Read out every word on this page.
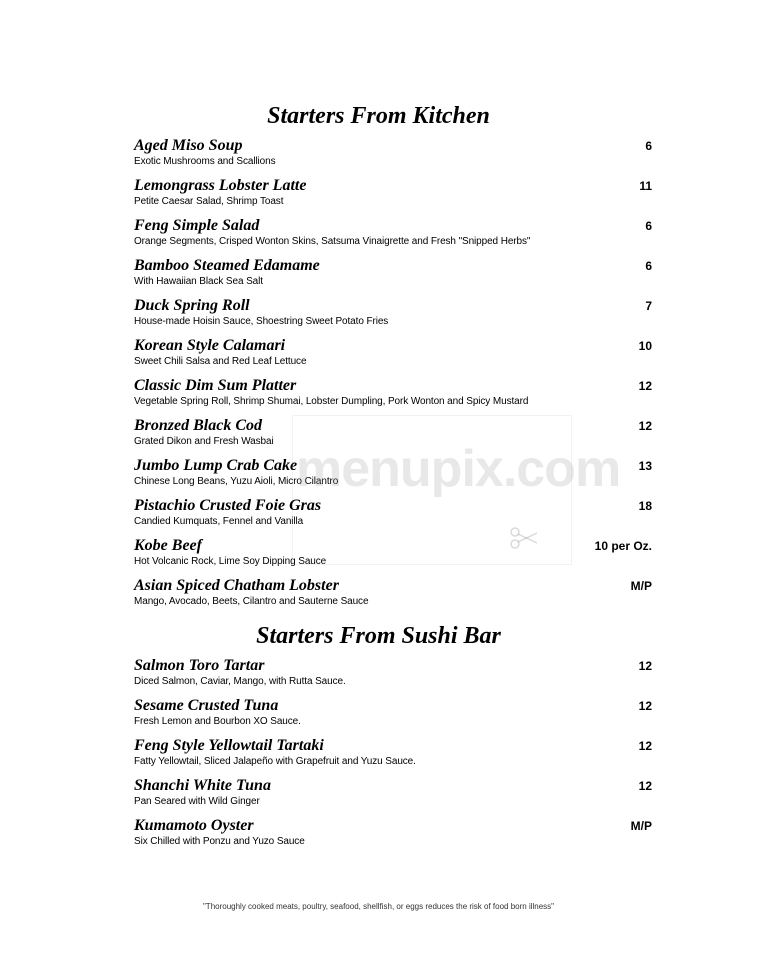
Starters From Kitchen
Aged Miso Soup
Exotic Mushrooms and Scallions
6
Lemongrass Lobster Latte
Petite Caesar Salad, Shrimp Toast
11
Feng Simple Salad
Orange Segments, Crisped Wonton Skins, Satsuma Vinaigrette and Fresh "Snipped Herbs"
6
Bamboo Steamed Edamame
With Hawaiian Black Sea Salt
6
Duck Spring Roll
House-made Hoisin Sauce, Shoestring Sweet Potato Fries
7
Korean Style Calamari
Sweet Chili Salsa and Red Leaf Lettuce
10
Classic Dim Sum Platter
Vegetable Spring Roll, Shrimp Shumai, Lobster Dumpling, Pork Wonton and Spicy Mustard
12
Bronzed Black Cod
Grated Dikon and Fresh Wasbai
12
Jumbo Lump Crab Cake
Chinese Long Beans, Yuzu Aioli, Micro Cilantro
13
Pistachio Crusted Foie Gras
Candied Kumquats, Fennel and Vanilla
18
Kobe Beef
Hot Volcanic Rock, Lime Soy Dipping Sauce
10 per Oz.
Asian Spiced Chatham Lobster
Mango, Avocado, Beets, Cilantro and Sauterne Sauce
M/P
Starters From Sushi Bar
Salmon Toro Tartar
Diced Salmon, Caviar, Mango, with Rutta Sauce.
12
Sesame Crusted Tuna
Fresh Lemon and Bourbon XO Sauce.
12
Feng Style Yellowtail Tartaki
Fatty Yellowtail, Sliced Jalapeño with Grapefruit and Yuzu Sauce.
12
Shanchi White Tuna
Pan Seared with Wild Ginger
12
Kumamoto Oyster
Six Chilled with Ponzu and Yuzo Sauce
M/P
"Thoroughly cooked meats, poultry, seafood, shellfish, or eggs reduces the risk of food born illness"
menupix.com
